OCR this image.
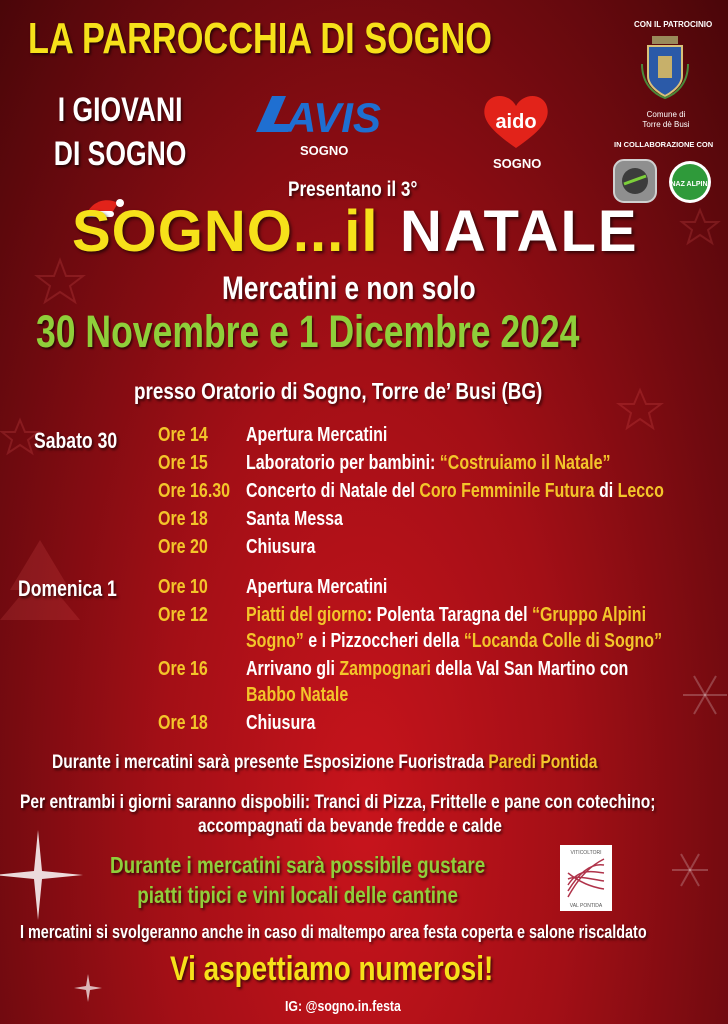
LA PARROCCHIA DI SOGNO
I GIOVANI
DI SOGNO
AVIS
SOGNO
aido
SOGNO
CON IL PATROCINIO
Comune di
Torre dè Busi
IN COLLABORAZIONE CON
NAZ ALPINI
Presentano il 3°
SOGNO...il NATALE
Mercatini e non solo
30 Novembre e 1 Dicembre 2024
presso Oratorio di Sogno, Torre de’ Busi (BG)
Sabato 30 Ore 14 Apertura Mercatini
Ore 15 Laboratorio per bambini: “Costruiamo il Natale”
Ore 16.30 Concerto di Natale del Coro Femminile Futura di Lecco
Ore 18 Santa Messa
Ore 20 Chiusura
Domenica 1 Ore 10 Apertura Mercatini
Ore 12 Piatti del giorno: Polenta Taragna del “Gruppo Alpini
Sogno” e i Pizzoccheri della “Locanda Colle di Sogno”
Ore 16 Arrivano gli Zampognari della Val San Martino con
Babbo Natale
Ore 18 Chiusura
Durante i mercatini sarà presente Esposizione Fuoristrada Paredi Pontida
Per entrambi i giorni saranno dispobili: Tranci di Pizza, Frittelle e pane con cotechino;
accompagnati da bevande fredde e calde
Durante i mercatini sarà possibile gustare
piatti tipici e vini locali delle cantine
VITICOLTORI
VAL PONTIDA
I mercatini si svolgeranno anche in caso di maltempo area festa coperta e salone riscaldato
Vi aspettiamo numerosi!
IG: @sogno.in.festa
